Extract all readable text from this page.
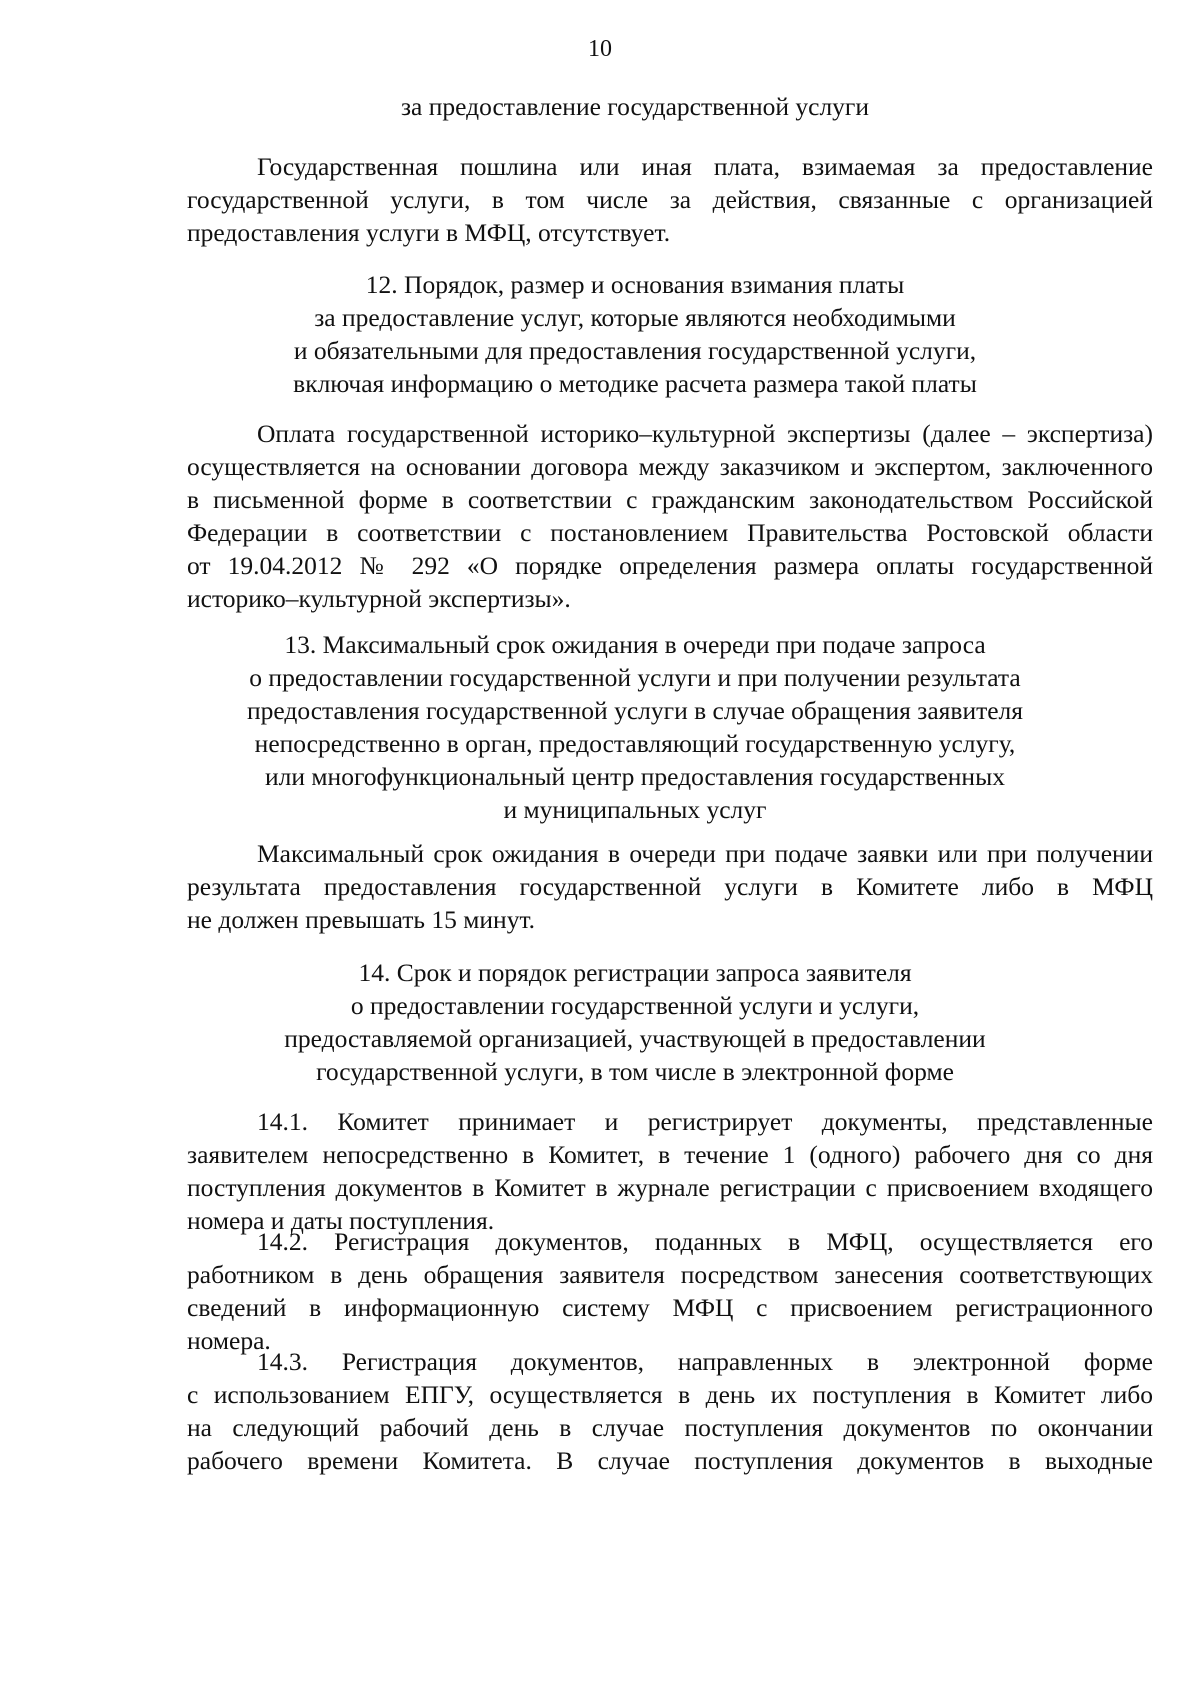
10
за предоставление государственной услуги
Государственная пошлина или иная плата, взимаемая за предоставление
государственной услуги, в том числе за действия, связанные с организацией
предоставления услуги в МФЦ, отсутствует.
12. Порядок, размер и основания взимания платы
за предоставление услуг, которые являются необходимыми
и обязательными для предоставления государственной услуги,
включая информацию о методике расчета размера такой платы
Оплата государственной историко–культурной экспертизы (далее – экспертиза)
осуществляется на основании договора между заказчиком и экспертом, заключенного
в письменной форме в соответствии с гражданским законодательством Российской
Федерации в соответствии с постановлением Правительства Ростовской области
от 19.04.2012 № 292 «О порядке определения размера оплаты государственной
историко–культурной экспертизы».
13. Максимальный срок ожидания в очереди при подаче запроса
о предоставлении государственной услуги и при получении результата
предоставления государственной услуги в случае обращения заявителя
непосредственно в орган, предоставляющий государственную услугу,
или многофункциональный центр предоставления государственных
и муниципальных услуг
Максимальный срок ожидания в очереди при подаче заявки или при получении
результата предоставления государственной услуги в Комитете либо в МФЦ
не должен превышать 15 минут.
14. Срок и порядок регистрации запроса заявителя
о предоставлении государственной услуги и услуги,
предоставляемой организацией, участвующей в предоставлении
государственной услуги, в том числе в электронной форме
14.1. Комитет принимает и регистрирует документы, представленные
заявителем непосредственно в Комитет, в течение 1 (одного) рабочего дня со дня
поступления документов в Комитет в журнале регистрации с присвоением входящего
номера и даты поступления.
14.2. Регистрация документов, поданных в МФЦ, осуществляется его
работником в день обращения заявителя посредством занесения соответствующих
сведений в информационную систему МФЦ с присвоением регистрационного
номера.
14.3. Регистрация документов, направленных в электронной форме
с использованием ЕПГУ, осуществляется в день их поступления в Комитет либо
на следующий рабочий день в случае поступления документов по окончании
рабочего времени Комитета. В случае поступления документов в выходные
